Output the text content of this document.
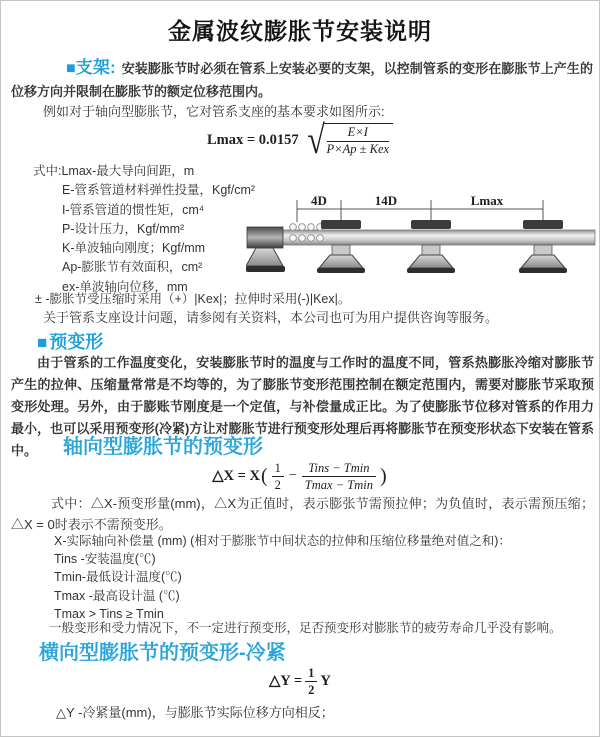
金属波纹膨胀节安装说明
■支架: 安装膨胀节时必须在管系上安装必要的支架，以控制管系的变形在膨胀节上产生的位移方向并限制在膨胀节的额定位移范围内。
例如对于轴向型膨胀节，它对管系支座的基本要求如图所示:
Lmax = 0.0157 √
$\frac{E\times I}{\text{P×Ap ± Kex}}$
式中:Lmax-最大导向间距，m
E-管系管道材料弹性投量，Kgf/cm²
I-管系管道的惯性矩，cm⁴
P-设计压力，Kgf/mm²
K-单波轴向刚度；Kgf/mm
Ap-膨胀节有效面积，cm²
ex-单波轴向位移，mm
± -膨胀节受压缩时采用（+）|Kex|；拉伸时采用(-)|Kex|。
关于管系支座设计问题，请参阅有关资料，本公司也可为用户提供咨询等服务。
4D	14D	Lmax
■ 预变形
由于管系的工作温度变化，安装膨胀节时的温度与工作时的温度不同，管系热膨胀冷缩对膨胀节产生的拉伸、压缩量常常是不均等的，为了膨胀节变形范围控制在额定范围内，需要对膨胀节采取预变形处理。另外，由于膨账节刚度是一个定值，与补偿量成正比。为了使膨胀节位移对管系的作用力最小，也可以采用预变形(冷紧)方让对膨胀节进行预变形处理后再将膨胀节在预变形状态下安装在管系中。	轴向型膨胀节的预变形
△X = X ( $\frac{1}{2} - \frac{\text{Tins − Tmin}}{Tmax - Tmin}$ )
式中：△X-预变形量(mm)，△X为正值时，表示膨张节需预拉伸；为负值时，表示需预压缩；△X = 0时表示不需预变形。
X-实际轴向补偿量 (mm) (相对于膨胀节中间状态的拉伸和压缩位移量绝对值之和)：
Tins -安装温度(℃)
Tmin-最低设计温度(℃)
Tmax -最高设计温 (℃)
Tmax > Tins ≥ Tmin
一般变形和受力情况下，不一定进行预变形，足否预变形对膨胀节的疲劳寿命几乎没有影响。
横向型膨胀节的预变形-冷紧
△Y = $\frac{1}{2}$ Y
△Y -冷紧量(mm)，与膨胀节实际位移方向相反；
